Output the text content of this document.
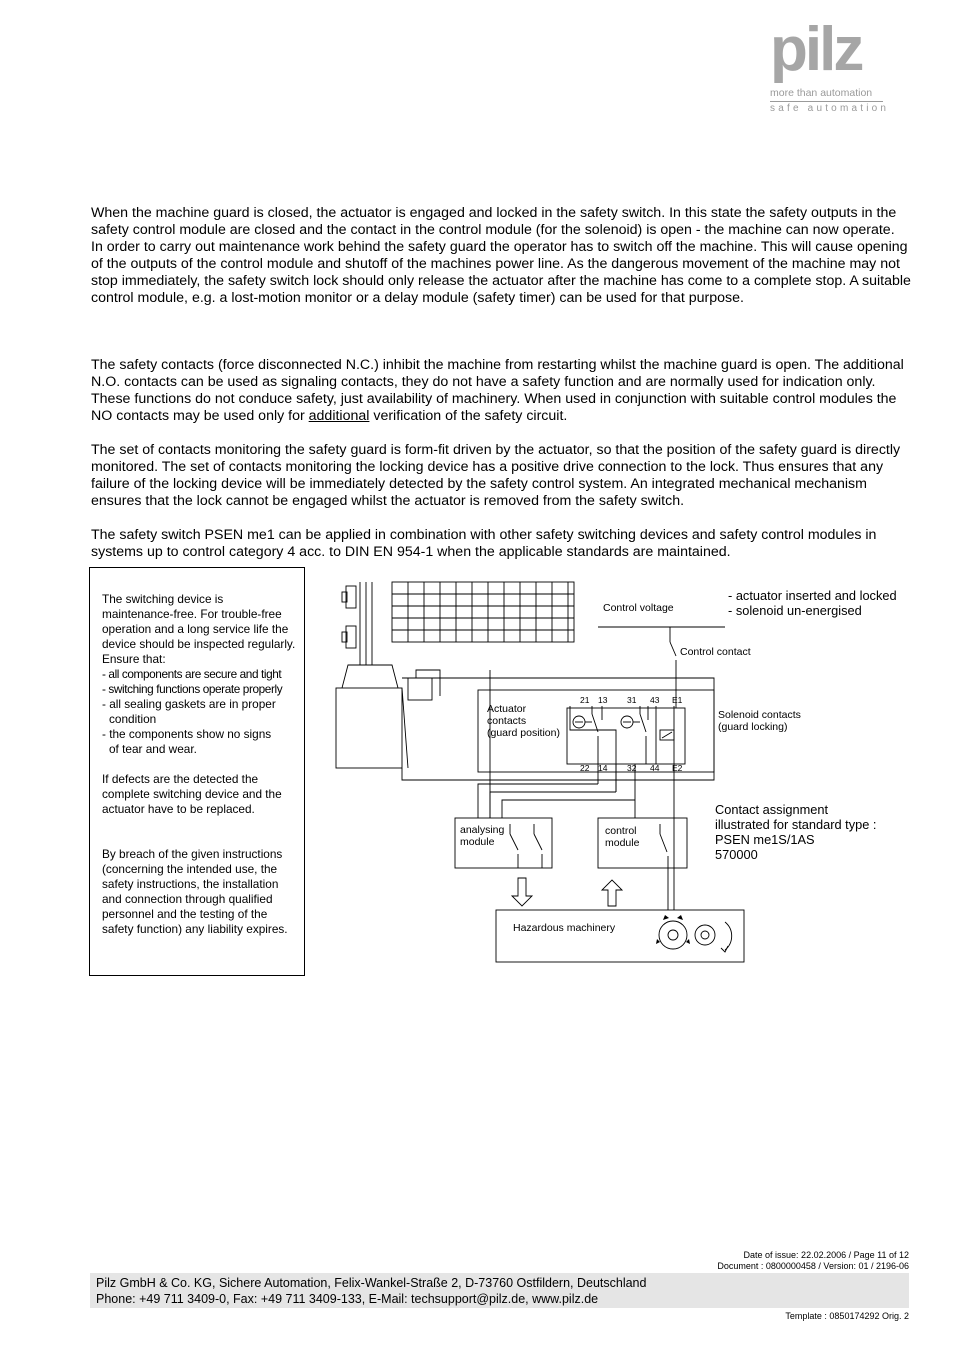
pilz
more than automation
safe automation

When the machine guard is closed, the actuator is engaged and locked in the safety switch. In this state the safety outputs in the safety control module are closed and the contact in the control module (for the solenoid) is open - the machine can now operate.

In order to carry out maintenance work behind the safety guard the operator has to switch off the machine. This will cause opening of the outputs of the control module and shutoff of the machines power line. As the dangerous movement of the machine may not stop immediately, the safety switch lock should only release the actuator after the machine has come to a complete stop. A suitable control module, e.g. a lost-motion monitor or a delay module (safety timer) can be used for that purpose.

The safety contacts (force disconnected N.C.) inhibit the machine from restarting whilst the machine guard is open. The additional N.O. contacts can be used as signaling contacts, they do not have a safety function and are normally used for indication only. These functions do not conduce safety, just availability of machinery. When used in conjunction with suitable control modules the NO contacts may be used only for additional verification of the safety circuit.

The set of contacts monitoring the safety guard is form-fit driven by the actuator, so that the position of the safety guard is directly monitored. The set of contacts monitoring the locking device has a positive drive connection to the lock. Thus ensures that any failure of the locking device will be immediately detected by the safety control system. An integrated mechanical mechanism ensures that the lock cannot be engaged whilst the actuator is removed from the safety switch.

The safety switch PSEN me1 can be applied in combination with other safety switching devices and safety control modules in systems up to control category 4 acc. to DIN EN 954-1 when the applicable standards are maintained.

The switching device is maintenance-free. For trouble-free operation and a long service life the device should be inspected regularly. Ensure that:

- all components are secure and tight

- switching functions operate properly

- all sealing gaskets are in proper

condition

- the components show no signs

of tear and wear.

If defects are the detected the complete switching device and the actuator have to be replaced.

By breach of the given instructions (concerning the intended use, the safety instructions, the installation and connection through qualified personnel and the testing of the safety function) any liability expires.

Control voltage
- actuator inserted and locked
- solenoid un-energised
Control contact
Actuator
contacts
(guard position)
Solenoid contacts
(guard locking)
21 13 31 43 E1
22 14 32 44 E2
analysing
module
control
module
Contact assignment
illustrated for standard type :
PSEN me1S/1AS
570000
Hazardous machinery
Date of issue: 22.02.2006 / Page 11 of 12
Document : 0800000458 / Version: 01 / 2196-06
Pilz GmbH & Co. KG, Sichere Automation, Felix-Wankel-Straße 2, D-73760 Ostfildern, Deutschland
Phone: +49 711 3409-0, Fax: +49 711 3409-133, E-Mail: techsupport@pilz.de, www.pilz.de
Template : 0850174292 Orig. 2
